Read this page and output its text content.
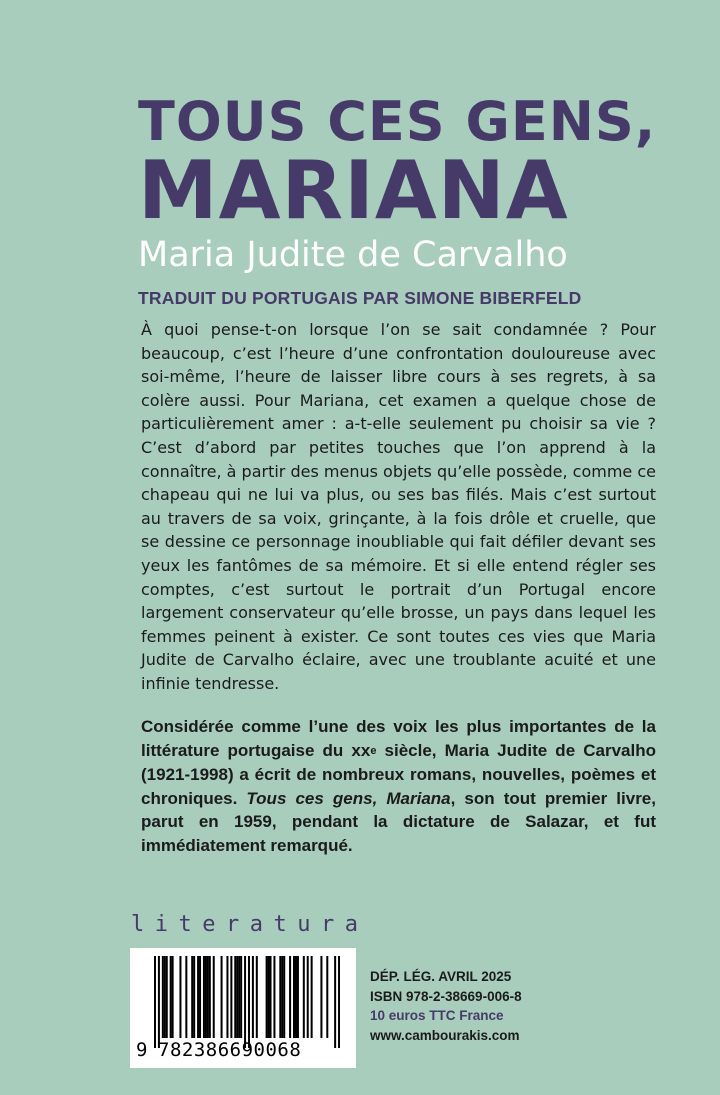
TOUS CES GENS,
MARIANA

Maria Judite de Carvalho

TRADUIT DU PORTUGAIS PAR SIMONE BIBERFELD

À quoi pense-t-on lorsque l’on se sait condamnée ? Pour beaucoup, c’est l’heure d’une confrontation douloureuse avec soi-même, l’heure de laisser libre cours à ses regrets, à sa colère aussi. Pour Mariana, cet examen a quelque chose de particulièrement amer : a-t-elle seulement pu choisir sa vie ? C’est d’abord par petites touches que l’on apprend à la connaître, à partir des menus objets qu’elle possède, comme ce chapeau qui ne lui va plus, ou ses bas filés. Mais c’est surtout au travers de sa voix, grinçante, à la fois drôle et cruelle, que se dessine ce personnage inoubliable qui fait défiler devant ses yeux les fantômes de sa mémoire. Et si elle entend régler ses comptes, c’est surtout le portrait d’un Portugal encore largement conservateur qu’elle brosse, un pays dans lequel les femmes peinent à exister. Ce sont toutes ces vies que Maria Judite de Carvalho éclaire, avec une troublante acuité et une infinie tendresse.

Considérée comme l’une des voix les plus importantes de la littérature portugaise du $xx^e$ siècle, Maria Judite de Carvalho (1921-1998) a écrit de nombreux romans, nouvelles, poèmes et chroniques. Tous ces gens, Mariana, son tout premier livre, parut en 1959, pendant la dictature de Salazar, et fut immédiatement remarqué.

literatura

9 782386690068
DÉP. LÉG. AVRIL 2025
ISBN 978-2-38669-006-8
10 euros TTC France
www.cambourakis.com
